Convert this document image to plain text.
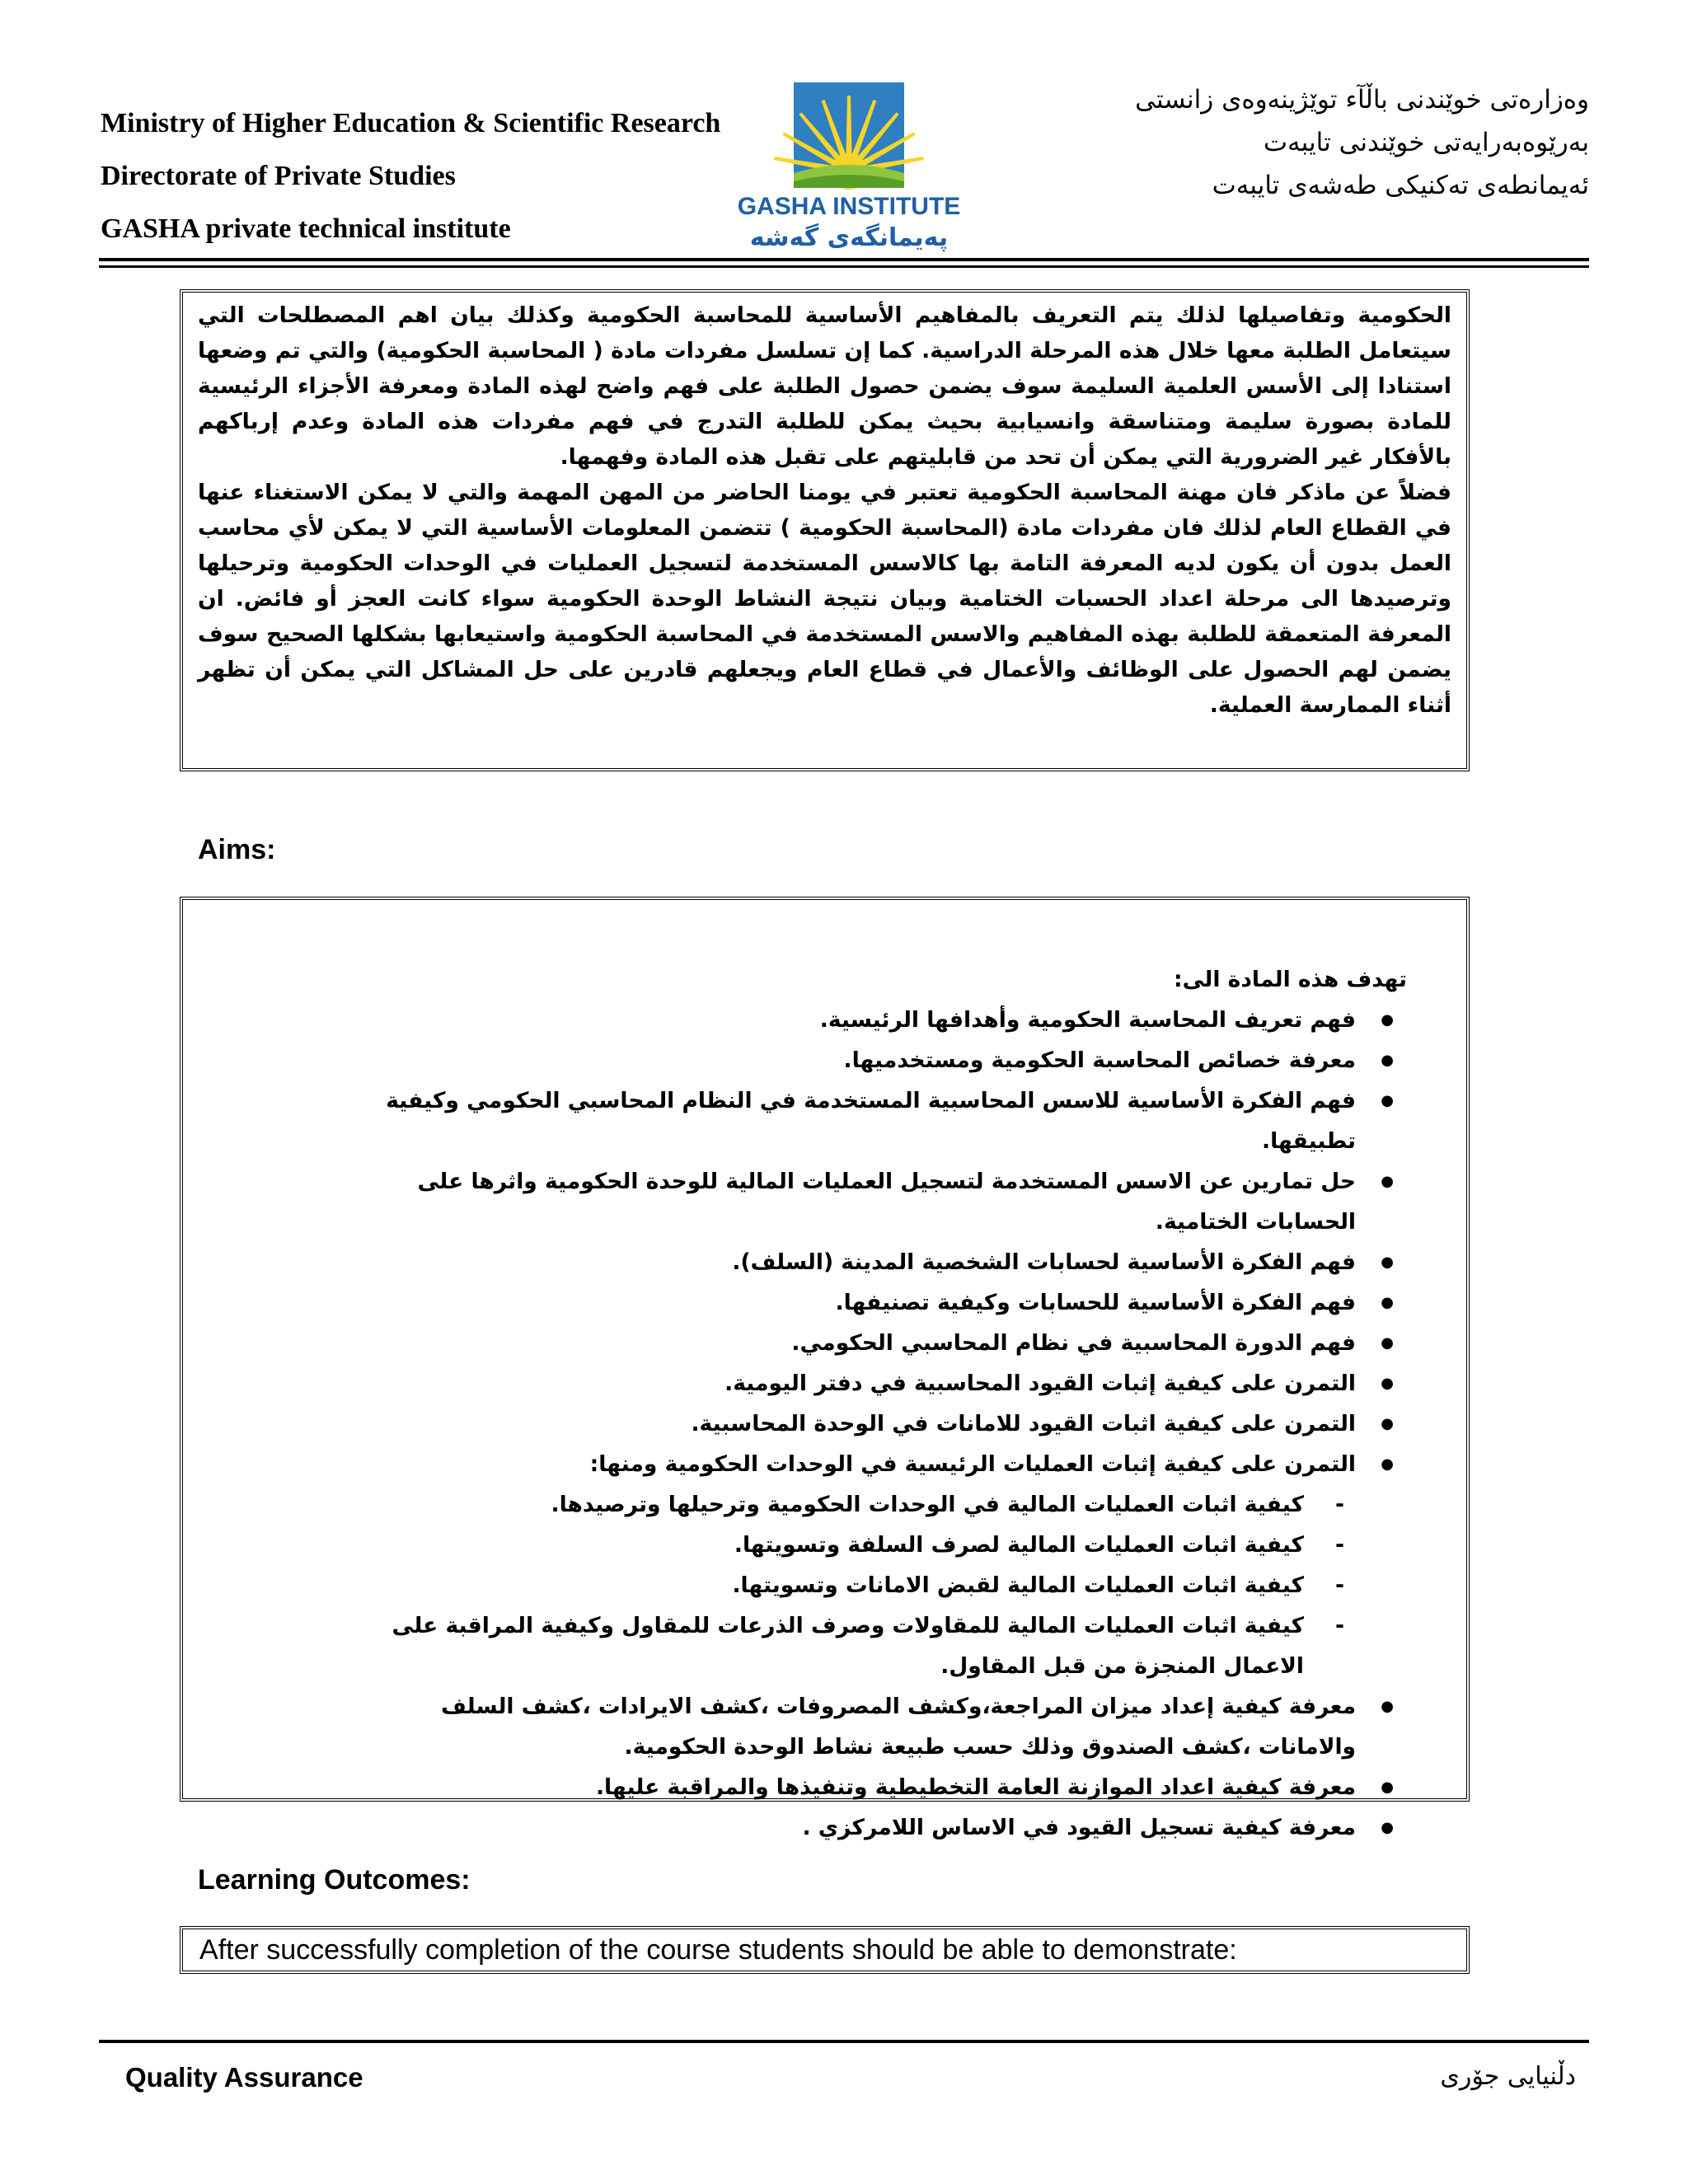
Ministry of Higher Education & Scientific Research
Directorate of Private Studies
GASHA private technical institute
GASHA INSTITUTE
پەیمانگەی گەشە
وەزارەتی خوێندنی باڵآء توێژینەوەی زانستی
بەرێوەبەرایەتی خوێندنی تایبەت
ئەیمانطەی تەکنیکی طەشەی تایبەت

الحكومية وتفاصيلها لذلك يتم التعريف بالمفاهيم الأساسية للمحاسبة الحكومية وكذلك بيان اهم المصطلحات التي سيتعامل الطلبة معها خلال هذه المرحلة الدراسية. كما إن تسلسل مفردات مادة ( المحاسبة الحكومية) والتي تم وضعها استنادا إلى الأسس العلمية السليمة سوف يضمن حصول الطلبة على فهم واضح لهذه المادة ومعرفة الأجزاء الرئيسية للمادة بصورة سليمة ومتناسقة وانسيابية بحيث يمكن للطلبة التدرج في فهم مفردات هذه المادة وعدم إرباكهم بالأفكار غير الضرورية التي يمكن أن تحد من قابليتهم على تقبل هذه المادة وفهمها.

فضلاً عن ماذكر فان مهنة المحاسبة الحكومية تعتبر في يومنا الحاضر من المهن المهمة والتي لا يمكن الاستغناء عنها في القطاع العام لذلك فان مفردات مادة (المحاسبة الحكومية ) تتضمن المعلومات الأساسية التي لا يمكن لأي محاسب العمل بدون أن يكون لديه المعرفة التامة بها كالاسس المستخدمة لتسجيل العمليات في الوحدات الحكومية وترحيلها وترصيدها الى مرحلة اعداد الحسبات الختامية وبيان نتيجة النشاط الوحدة الحكومية سواء كانت العجز أو فائض. ان المعرفة المتعمقة للطلبة بهذه المفاهيم والاسس المستخدمة في المحاسبة الحكومية واستيعابها بشكلها الصحيح سوف يضمن لهم الحصول على الوظائف والأعمال في قطاع العام ويجعلهم قادرين على حل المشاكل التي يمكن أن تظهر أثناء الممارسة العملية.

Aims:
تهدف هذه المادة الى:
● فهم تعريف المحاسبة الحكومية وأهدافها الرئيسية.
● معرفة خصائص المحاسبة الحكومية ومستخدميها.
● فهم الفكرة الأساسية للاسس المحاسبية المستخدمة في النظام المحاسبي الحكومي وكيفية تطبيقها.
● حل تمارين عن الاسس المستخدمة لتسجيل العمليات المالية للوحدة الحكومية واثرها على الحسابات الختامية.
● فهم الفكرة الأساسية لحسابات الشخصية المدينة (السلف).
● فهم الفكرة الأساسية للحسابات وكيفية تصنيفها.
● فهم الدورة المحاسبية في نظام المحاسبي الحكومي.
● التمرن على كيفية إثبات القيود المحاسبية في دفتر اليومية.
● التمرن على كيفية اثبات القيود للامانات في الوحدة المحاسبية.
● التمرن على كيفية إثبات العمليات الرئيسية في الوحدات الحكومية ومنها:
- كيفية اثبات العمليات المالية في الوحدات الحكومية وترحيلها وترصيدها.
- كيفية اثبات العمليات المالية لصرف السلفة وتسويتها.
- كيفية اثبات العمليات المالية لقبض الامانات وتسويتها.
- كيفية اثبات العمليات المالية للمقاولات وصرف الذرعات للمقاول وكيفية المراقبة على الاعمال المنجزة من قبل المقاول.
● معرفة كيفية إعداد ميزان المراجعة،وكشف المصروفات ،كشف الايرادات ،كشف السلف والامانات ،كشف الصندوق وذلك حسب طبيعة نشاط الوحدة الحكومية.
● معرفة كيفية اعداد الموازنة العامة التخطيطية وتنفيذها والمراقبة عليها.
● معرفة كيفية تسجيل القيود في الاساس اللامركزي .
Learning Outcomes:
After successfully completion of the course students should be able to demonstrate:
Quality Assurance	دڵنیایی جۆری
